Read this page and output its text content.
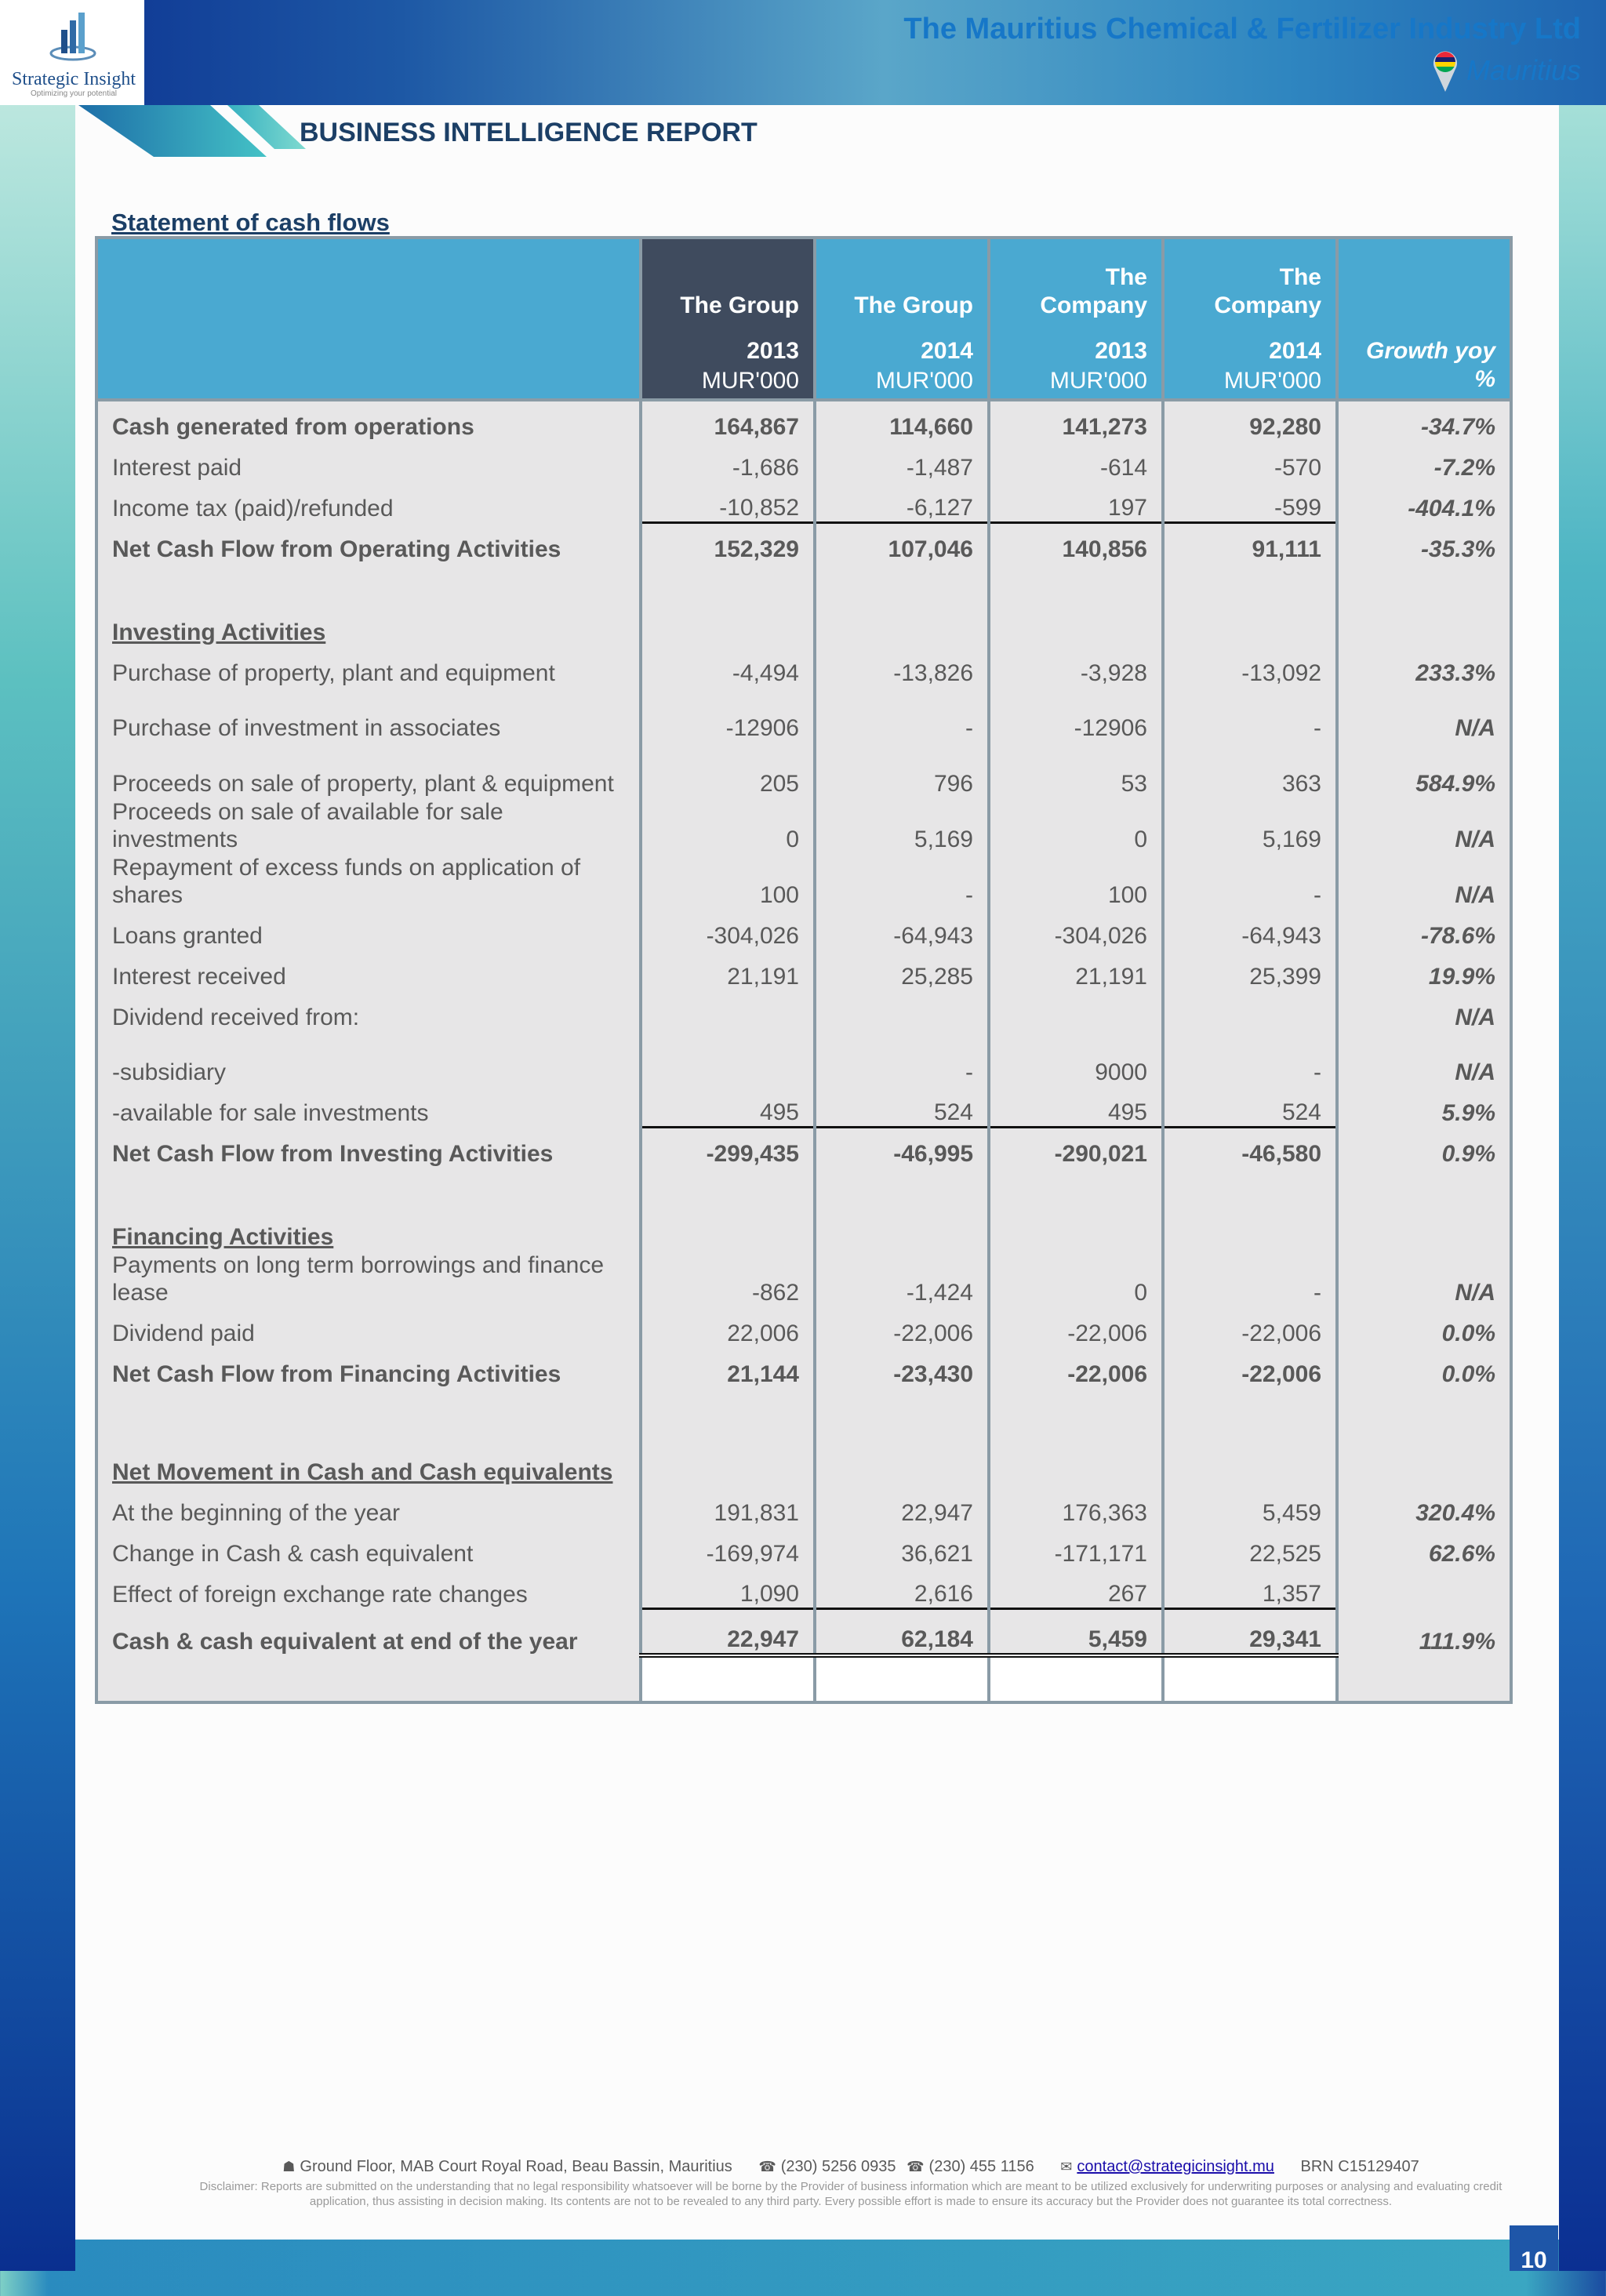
Strategic Insight
Optimizing your potential
The Mauritius Chemical & Fertilizer Industry Ltd
Mauritius
BUSINESS INTELLIGENCE REPORT
Statement of cash flows
	The Group	The Group	The Company	The Company	Growth yoy %
	2013	2014	2013	2014	
	MUR'000	MUR'000	MUR'000	MUR'000	
Cash generated from operations	164,867	114,660	141,273	92,280	-34.7%
Interest paid	-1,686	-1,487	-614	-570	-7.2%
Income tax (paid)/refunded	-10,852	-6,127	197	-599	-404.1%
Net Cash Flow from Operating Activities	152,329	107,046	140,856	91,111	-35.3%

Investing Activities					
Purchase of property, plant and equipment	-4,494	-13,826	-3,928	-13,092	233.3%
Purchase of investment in associates	-12906	-	-12906	-	N/A
Proceeds on sale of property, plant & equipment	205	796	53	363	584.9%
Proceeds on sale of available for sale investments	0	5,169	0	5,169	N/A
Repayment of excess funds on application of shares	100	-	100	-	N/A
Loans granted	-304,026	-64,943	-304,026	-64,943	-78.6%
Interest received	21,191	25,285	21,191	25,399	19.9%
Dividend received from:					N/A
-subsidiary		-	9000	-	N/A
-available for sale investments	495	524	495	524	5.9%
Net Cash Flow from Investing Activities	-299,435	-46,995	-290,021	-46,580	0.9%

Financing Activities					
Payments on long term borrowings and finance lease	-862	-1,424	0	-	N/A
Dividend paid	22,006	-22,006	-22,006	-22,006	0.0%
Net Cash Flow from Financing Activities	21,144	-23,430	-22,006	-22,006	0.0%

Net Movement in Cash and Cash equivalents					
At the beginning of the year	191,831	22,947	176,363	5,459	320.4%
Change in Cash & cash equivalent	-169,974	36,621	-171,171	22,525	62.6%
Effect of foreign exchange rate changes	1,090	2,616	267	1,357	
Cash & cash equivalent at end of the year	22,947	62,184	5,459	29,341	111.9%

☗ Ground Floor, MAB Court Royal Road, Beau Bassin, Mauritius ☎ (230) 5256 0935 ☎ (230) 455 1156 ✉ contact@strategicinsight.mu BRN C15129407
Disclaimer: Reports are submitted on the understanding that no legal responsibility whatsoever will be borne by the Provider of business information which are meant to be utilized exclusively for underwriting purposes or analysing and evaluating credit application, thus assisting in decision making. Its contents are not to be revealed to any third party. Every possible effort is made to ensure its accuracy but the Provider does not guarantee its total correctness.
10
